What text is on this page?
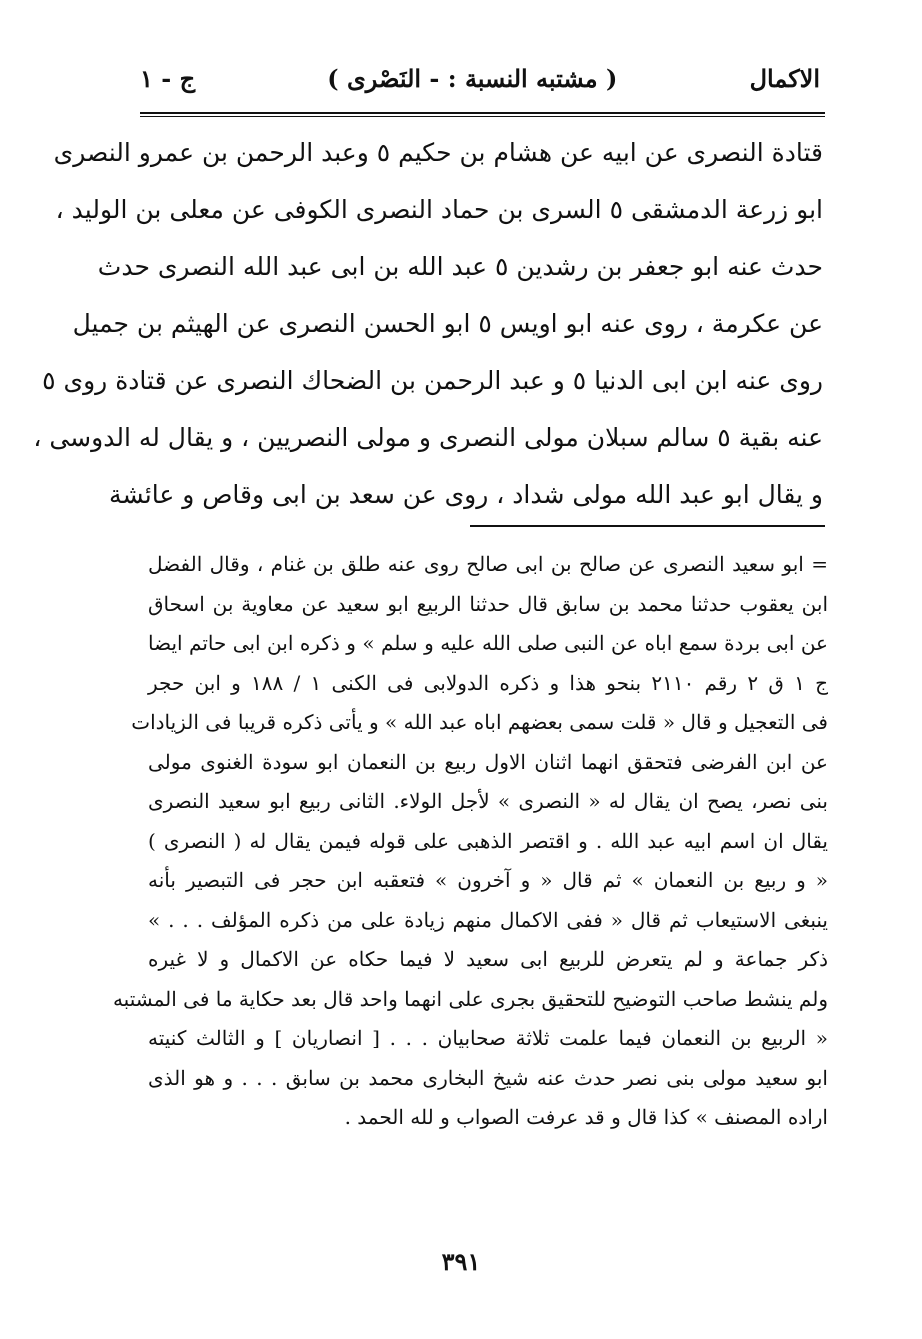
الاكمال
( مشتبه النسبة : - النَصْرى )
ج - ١
قتادة النصرى عن ابيه عن هشام بن حكيم ٥ وعبد الرحمن بن عمرو النصرى
ابو زرعة الدمشقى ٥ السرى بن حماد النصرى الكوفى عن معلى بن الوليد ،
حدث عنه ابو جعفر بن رشدين ٥ عبد الله بن ابى عبد الله النصرى حدث
عن عكرمة ، روى عنه ابو اويس ٥ ابو الحسن النصرى عن الهيثم بن جميل
روى عنه ابن ابى الدنيا ٥ و عبد الرحمن بن الضحاك النصرى عن قتادة روى ٥
عنه بقية ٥ سالم سبلان مولى النصرى و مولى النصريين ، و يقال له الدوسى ،
و يقال ابو عبد الله مولى شداد ، روى عن سعد بن ابى وقاص و عائشة
= ابو سعيد النصرى عن صالح بن ابى صالح روى عنه طلق بن غنام ، وقال الفضل
ابن يعقوب حدثنا محمد بن سابق قال حدثنا الربيع ابو سعيد عن معاوية بن اسحاق
عن ابى بردة سمع اباه عن النبى صلى الله عليه و سلم » و ذكره ابن ابى حاتم ايضا
ج ١ ق ٢ رقم ٢١١٠ بنحو هذا و ذكره الدولابى فى الكنى ١ / ١٨٨ و ابن حجر
فى التعجيل و قال « قلت سمى بعضهم اباه عبد الله » و يأتى ذكره قريبا فى الزيادات
عن ابن الفرضى فتحقق انهما اثنان الاول ربيع بن النعمان ابو سودة الغنوى مولى
بنى نصر، يصح ان يقال له « النصرى » لأجل الولاء. الثانى ربيع ابو سعيد النصرى
يقال ان اسم ابيه عبد الله . و اقتصر الذهبى على قوله فيمن يقال له ( النصرى )
« و ربيع بن النعمان » ثم قال « و آخرون » فتعقبه ابن حجر فى التبصير بأنه
ينبغى الاستيعاب ثم قال « ففى الاكمال منهم زيادة على من ذكره المؤلف . . . »
ذكر جماعة و لم يتعرض للربيع ابى سعيد لا فيما حكاه عن الاكمال و لا غيره
ولم ينشط صاحب التوضيح للتحقيق بجرى على انهما واحد قال بعد حكاية ما فى المشتبه
« الربيع بن النعمان فيما علمت ثلاثة صحابيان . . . [ انصاريان ] و الثالث كنيته
ابو سعيد مولى بنى نصر حدث عنه شيخ البخارى محمد بن سابق . . . و هو الذى
اراده المصنف » كذا قال و قد عرفت الصواب و لله الحمد .
٣٩١
